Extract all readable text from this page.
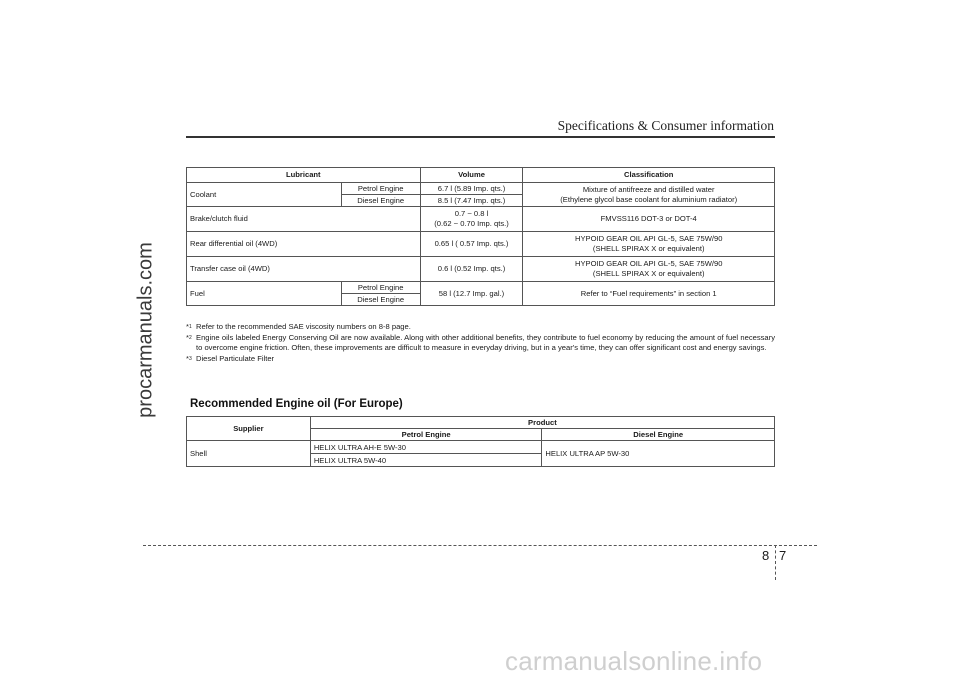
procarmanuals.com
Specifications & Consumer information
Lubricant		Volume	Classification
Coolant	Petrol Engine	6.7 l (5.89 Imp. qts.)	Mixture of antifreeze and distilled water
(Ethylene glycol base coolant for aluminium radiator)

	Diesel Engine	8.5 l (7.47 Imp. qts.)	
Brake/clutch fluid		0.7 ~ 0.8 l
(0.62 ~ 0.70 Imp. qts.)	FMVSS116 DOT-3 or DOT-4
Rear differential oil (4WD)		0.65 l ( 0.57 Imp. qts.)	HYPOID GEAR OIL API GL-5, SAE 75W/90
(SHELL SPIRAX X or equivalent)

Transfer case oil (4WD)		0.6 l (0.52 Imp. qts.)	HYPOID GEAR OIL API GL-5, SAE 75W/90
(SHELL SPIRAX X or equivalent)

Fuel	Petrol Engine	58 l (12.7 Imp. gal.)	Refer to “Fuel requirements” in section 1
	Diesel Engine		
*$^1$ Refer to the recommended SAE viscosity numbers on 8-8 page.
*$^2$ Engine oils labeled Energy Conserving Oil are now available. Along with other additional benefits, they contribute to fuel economy by reducing the amount of fuel necessary to overcome engine friction. Often, these improvements are difficult to measure in everyday driving, but in a year's time, they can offer significant cost and energy savings.
*$^3$ Diesel Particulate Filter
Recommended Engine oil (For Europe)
Supplier	Product	
	Petrol Engine	Diesel Engine
Shell	HELIX ULTRA AH-E 5W-30	HELIX ULTRA AP 5W-30
	HELIX ULTRA 5W-40	
8 7
carmanualsonline.info
